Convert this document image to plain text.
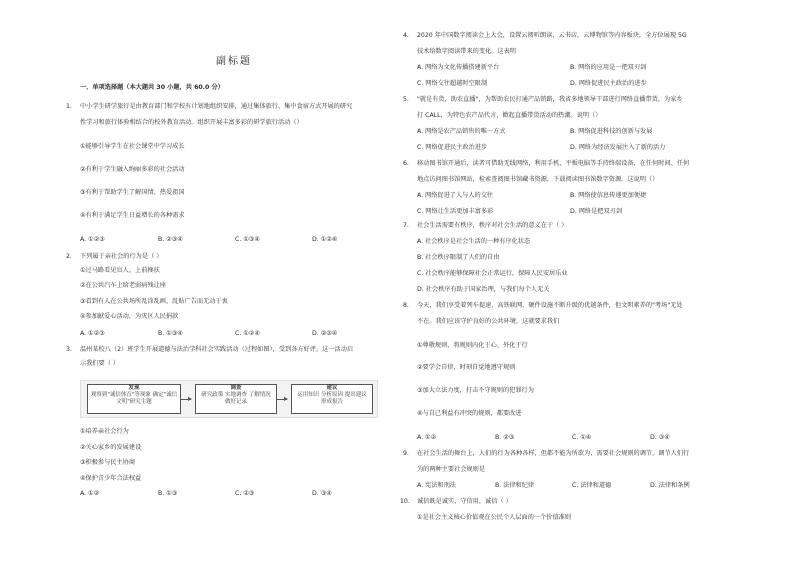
副标题
一、单项选择题（本大题共 30 小题，共 60.0 分）
1. 中小学生研学旅行是由教育部门和学校有计划地组织安排，通过集体旅行、集中食宿方式开展的研究
性学习和旅行体验相结合的校外教育活动。组织开展丰富多彩的研学旅行活动（）
①能够引导学生在社会课堂中学习成长
②有利于学生融入绚丽多彩的社会活动
③有利于帮助学生了解国情、热爱祖国
④有利于满足学生日益增长的各种需求
A. ①②③	B. ②③④	C. ①③④	D. ①②④
2. 下列属于亲社会的行为是（ ）
①过马路看见盲人，上前搀扶
②在公共汽车上给老弱病残让座
③看到有人在公共场所乱涂乱画，乱贴广告而无动于衷
④参加献爱心活动，为灾区人民捐款
A. ①②③	B. ①③④	C. ①②④	D. ②③④
3. 温州某校八（2）班学生开展道德与法治学科社会实践活动（过程如图），受到各方好评。这一活动启
示我们要（ ）
发现
观察到"诚信体育"等现象 确定"诚信文明"研究主题
调查
研究政策 实地调查 了解情况 做好记录
建议
运用知识 分析原因 提出建议 形成报告
①培养亲社会行为
②关心家乡的发展建设
③积极参与民主协商
④保护青少年合法权益
A. ①②	B. ①③	C. ②③	D. ③④
4. 2020 年中国数字阅读会上大会，设置云阅听朗读，云书店，云博物馆等内容板块，全方位展现 5G
技术给数字阅读带来的变化。这表明
A. 网络为文化传播搭建新平台	B. 网络的应用是一把双刃剑
C. 网络交往超越时空限制	D. 网络促进民主政治的进步
5. "就是有货，助农直播"，为帮助农民打通产品销路，我省多地领导干部进行网络直播带货，为家乡
打 CALL，为特色农产品代言，掀起直播带货活动的热潮。说明（）
A. 网络是农产品销售的唯一方式	B. 网络促进科技的创新与发展
C. 网络促进民主政治进步	D. 网络为经济发展注入了新的活力
6. 移动图书馆开通后，读者可借助无线网络，利用手机、平板电脑等手持终端设备，在任何时间、任何
地点访问图书馆网站，检索查阅图书馆藏书资源，下载阅读图书馆数字资源。这说明（）
A. 网络促进了人与人的交往	B. 网络使信息传递更加便捷
C. 网络让生活更加丰富多彩	D. 网络是把双刃剑
7. 社会生活需要有秩序，秩序对社会生活的意义在于（ ）
A. 社会秩序是社会生活的一种有序化状态
B. 社会秩序限制了人们的自由
C. 社会秩序能够保障社会正常运行，保障人民安居乐业
D. 社会秩序有助于国家治理，与我们每个人无关
8. 今天，我们享受着列车提速、高铁联网，硬件设施不断升级的优越条件，但文明素养的"考场"无处
不在。我们应该守护良好的公共环境，这就要求我们
①尊敬规则，将规则内化于心、外化于行
②要学会自律，时刻自觉地遵守规则
③加大立法力度，打击不守规则的犯罪行为
④与自己利益有冲突的规则，都要改进
A. ①②	B. ②③	C. ①④	D. ③④
9. 在社会生活的舞台上，人们的行为各种各样，但都不能为所欲为，需要社会规则的调节，调节人们行
为的两种主要社会规则是
A. 宪法和刑法	B. 法律和纪律	C. 法律和道德	D. 法律和条例
10. 诚信既是诚实、守信用，诚信（ ）
①是社会主义核心价值观在公民个人层面的一个价值准则
